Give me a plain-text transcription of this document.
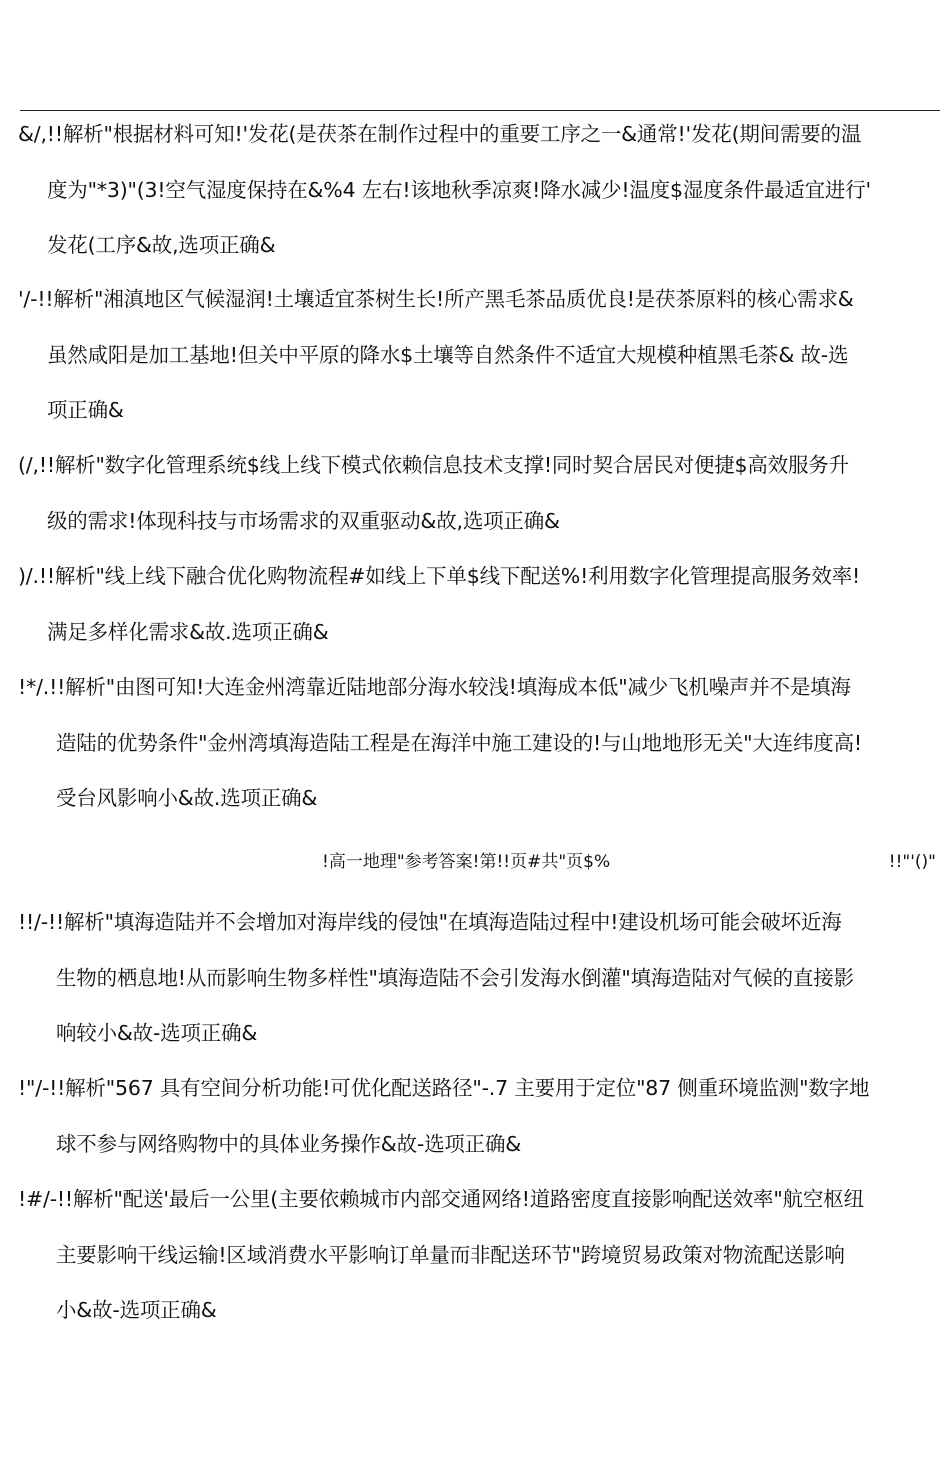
&/,!!解析"根据材料可知!'发花(是茯茶在制作过程中的重要工序之一&通常!'发花(期间需要的温
度为"*3)"(3!空气湿度保持在&%4 左右!该地秋季凉爽!降水减少!温度$湿度条件最适宜进行'
发花(工序&故,选项正确&
'/-!!解析"湘滇地区气候湿润!土壤适宜茶树生长!所产黑毛茶品质优良!是茯茶原料的核心需求&
虽然咸阳是加工基地!但关中平原的降水$土壤等自然条件不适宜大规模种植黑毛茶& 故-选
项正确&
(/,!!解析"数字化管理系统$线上线下模式依赖信息技术支撑!同时契合居民对便捷$高效服务升
级的需求!体现科技与市场需求的双重驱动&故,选项正确&
)/.!!解析"线上线下融合优化购物流程#如线上下单$线下配送%!利用数字化管理提高服务效率!
满足多样化需求&故.选项正确&
!*/.!!解析"由图可知!大连金州湾靠近陆地部分海水较浅!填海成本低"减少飞机噪声并不是填海
造陆的优势条件"金州湾填海造陆工程是在海洋中施工建设的!与山地地形无关"大连纬度高!
受台风影响小&故.选项正确&
!高一地理"参考答案!第!!页#共"页$%	!!"'()"
!!/-!!解析"填海造陆并不会增加对海岸线的侵蚀"在填海造陆过程中!建设机场可能会破坏近海
生物的栖息地!从而影响生物多样性"填海造陆不会引发海水倒灌"填海造陆对气候的直接影
响较小&故-选项正确&
!"/-!!解析"567 具有空间分析功能!可优化配送路径"-.7 主要用于定位"87 侧重环境监测"数字地
球不参与网络购物中的具体业务操作&故-选项正确&
!#/-!!解析"配送'最后一公里(主要依赖城市内部交通网络!道路密度直接影响配送效率"航空枢纽
主要影响干线运输!区域消费水平影响订单量而非配送环节"跨境贸易政策对物流配送影响
小&故-选项正确&
